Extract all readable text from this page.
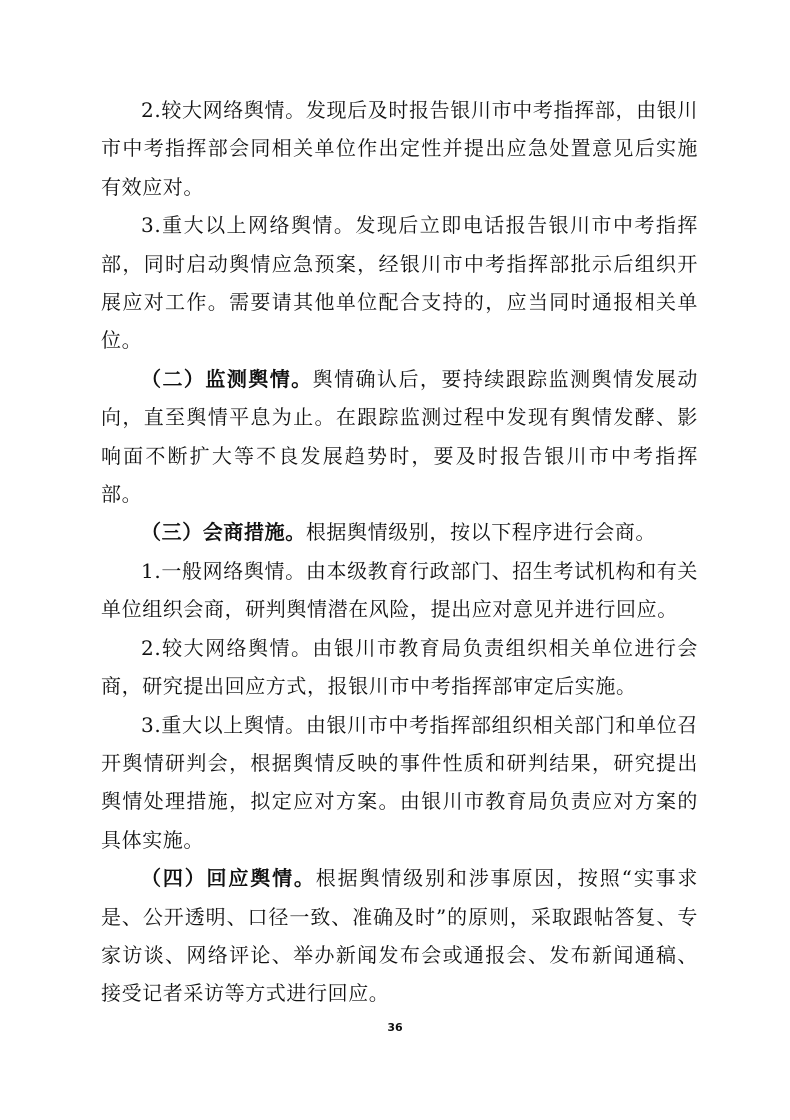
2.较大网络舆情。发现后及时报告银川市中考指挥部，由银川市中考指挥部会同相关单位作出定性并提出应急处置意见后实施有效应对。

3.重大以上网络舆情。发现后立即电话报告银川市中考指挥部，同时启动舆情应急预案，经银川市中考指挥部批示后组织开展应对工作。需要请其他单位配合支持的，应当同时通报相关单位。

（二）监测舆情。舆情确认后，要持续跟踪监测舆情发展动向，直至舆情平息为止。在跟踪监测过程中发现有舆情发酵、影响面不断扩大等不良发展趋势时，要及时报告银川市中考指挥部。

（三）会商措施。根据舆情级别，按以下程序进行会商。

1.一般网络舆情。由本级教育行政部门、招生考试机构和有关单位组织会商，研判舆情潜在风险，提出应对意见并进行回应。

2.较大网络舆情。由银川市教育局负责组织相关单位进行会商，研究提出回应方式，报银川市中考指挥部审定后实施。

3.重大以上舆情。由银川市中考指挥部组织相关部门和单位召开舆情研判会，根据舆情反映的事件性质和研判结果，研究提出舆情处理措施，拟定应对方案。由银川市教育局负责应对方案的具体实施。

（四）回应舆情。根据舆情级别和涉事原因，按照“实事求是、公开透明、口径一致、准确及时”的原则，采取跟帖答复、专家访谈、网络评论、举办新闻发布会或通报会、发布新闻通稿、接受记者采访等方式进行回应。

36
